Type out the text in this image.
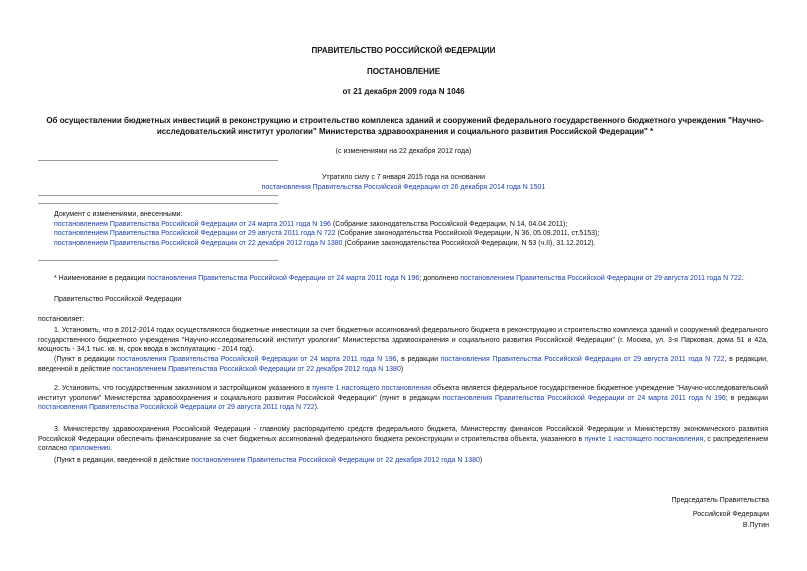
ПРАВИТЕЛЬСТВО РОССИЙСКОЙ ФЕДЕРАЦИИ
ПОСТАНОВЛЕНИЕ
от 21 декабря 2009 года N 1046
Об осуществлении бюджетных инвестиций в реконструкцию и строительство комплекса зданий и сооружений федерального государственного бюджетного учреждения "Научно-исследовательский институт урологии" Министерства здравоохранения и социального развития Российской Федерации" *
(с изменениями на 22 декабря 2012 года)
Утратило силу с 7 января 2015 года на основании
постановления Правительства Российской Федерации от 26 декабря 2014 года N 1501
Документ с изменениями, внесенными:
постановлением Правительства Российской Федерации от 24 марта 2011 года N 196 (Собрание законодательства Российской Федерации, N 14, 04.04.2011);
постановлением Правительства Российской Федерации от 29 августа 2011 года N 722 (Собрание законодательства Российской Федерации, N 36, 05.09.2011, ст.5153);
постановлением Правительства Российской Федерации от 22 декабря 2012 года N 1380 (Собрание законодательства Российской Федерации, N 53 (ч.II), 31.12.2012).
* Наименование в редакции постановления Правительства Российской Федерации от 24 марта 2011 года N 196; дополнено постановлением Правительства Российской Федерации от 29 августа 2011 года N 722.
Правительство Российской Федерации
постановляет:
1. Установить, что в 2012-2014 годах осуществляются бюджетные инвестиции за счет бюджетных ассигнований федерального бюджета в реконструкцию и строительство комплекса зданий и сооружений федерального государственного бюджетного учреждения "Научно-исследовательский институт урологии" Министерства здравоохранения и социального развития Российской Федерации" (г. Москва, ул. 3-я Парковая, дома 51 и 42а, мощность - 34,1 тыс. кв. м, срок ввода в эксплуатацию - 2014 год).
(Пункт в редакции постановления Правительства Российской Федерации от 24 марта 2011 года N 196, в редакции постановления Правительства Российской Федерации от 29 августа 2011 года N 722, в редакции, введенной в действие постановлением Правительства Российской Федерации от 22 декабря 2012 года N 1380)
2. Установить, что государственным заказчиком и застройщиком указанного в пункте 1 настоящего постановления объекта является федеральное государственное бюджетное учреждение "Научно-исследовательский институт урологии" Министерства здравоохранения и социального развития Российской Федерации" (пункт в редакции постановления Правительства Российской Федерации от 24 марта 2011 года N 196; в редакции постановления Правительства Российской Федерации от 29 августа 2011 года N 722).
3. Министерству здравоохранения Российской Федерации - главному распорядителю средств федерального бюджета, Министерству финансов Российской Федерации и Министерству экономического развития Российской Федерации обеспечить финансирование за счет бюджетных ассигнований федерального бюджета реконструкции и строительства объекта, указанного в пункте 1 настоящего постановления, с распределением согласно приложению.
(Пункт в редакции, введенной в действие постановлением Правительства Российской Федерации от 22 декабря 2012 года N 1380)
Председатель Правительства
Российской Федерации
В.Путин
